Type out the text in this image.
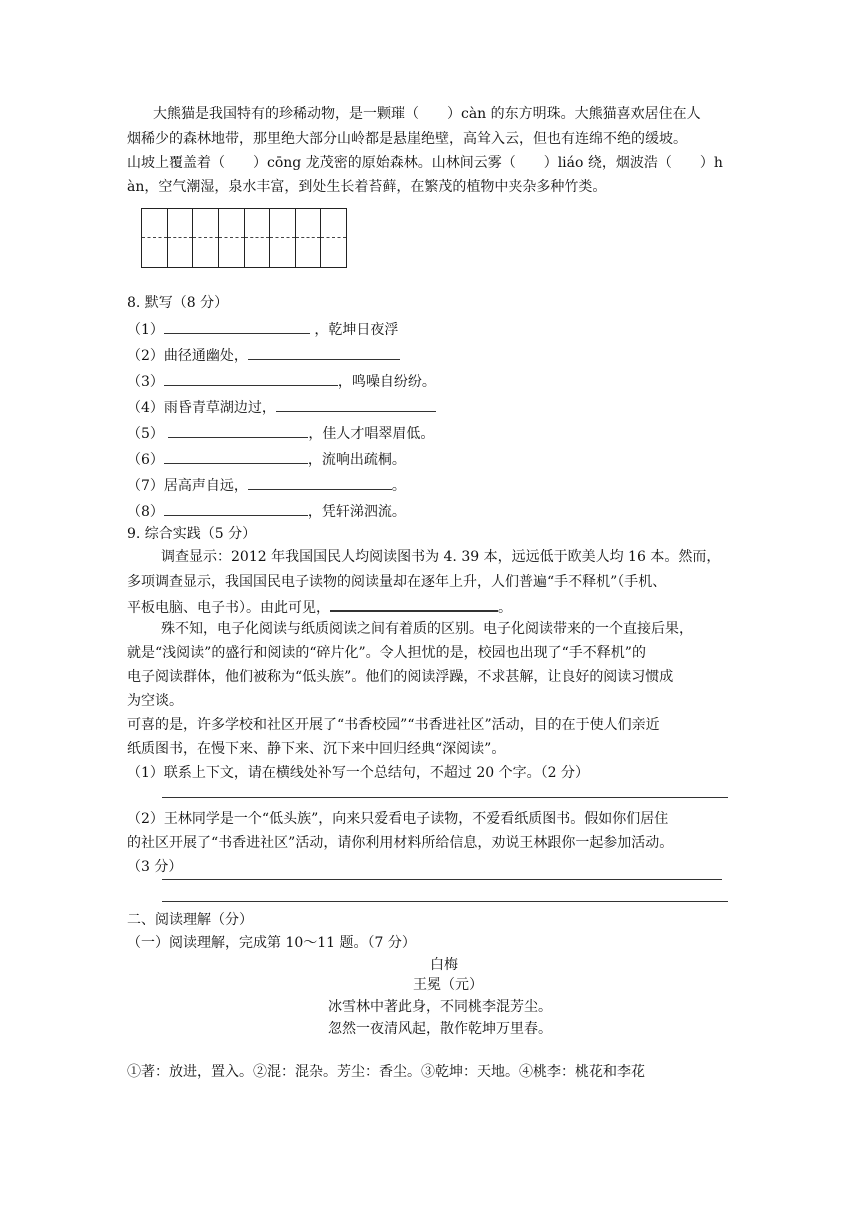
大熊猫是我国特有的珍稀动物，是一颗璀（　　）càn 的东方明珠。大熊猫喜欢居住在人
烟稀少的森林地带，那里绝大部分山岭都是悬崖绝壁，高耸入云，但也有连绵不绝的缓坡。
山坡上覆盖着（　　）cōng 龙茂密的原始森林。山林间云雾（　　）liáo 绕，烟波浩（　　）h
àn，空气潮湿，泉水丰富，到处生长着苔藓，在繁茂的植物中夹杂多种竹类。
8. 默写（8 分）
（1）	，乾坤日夜浮
（2）曲径通幽处，
（3）	，鸣噪自纷纷。
（4）雨昏青草湖边过，
（5）	，佳人才唱翠眉低。
（6）	，流响出疏桐。
（7）居高声自远，	。
（8）	，凭轩涕泗流。
9. 综合实践（5 分）
调查显示：2012 年我国国民人均阅读图书为 4. 39 本，远远低于欧美人均 16 本。然而，
多项调查显示，我国国民电子读物的阅读量却在逐年上升，人们普遍“手不释机”（手机、
平板电脑、电子书）。由此可见，	。
殊不知，电子化阅读与纸质阅读之间有着质的区别。电子化阅读带来的一个直接后果，
就是“浅阅读”的盛行和阅读的“碎片化”。令人担忧的是，校园也出现了“手不释机”的
电子阅读群体，他们被称为“低头族”。他们的阅读浮躁，不求甚解，让良好的阅读习惯成
为空谈。
可喜的是，许多学校和社区开展了“书香校园”“书香进社区”活动，目的在于使人们亲近
纸质图书，在慢下来、静下来、沉下来中回归经典“深阅读”。
（1）联系上下文，请在横线处补写一个总结句，不超过 20 个字。（2 分）
（2）王林同学是一个“低头族”，向来只爱看电子读物，不爱看纸质图书。假如你们居住
的社区开展了“书香进社区”活动，请你利用材料所给信息，劝说王林跟你一起参加活动。
（3 分）
二、阅读理解（分）
（一）阅读理解，完成第 10～11 题。（7 分）
白梅
王冕（元）
冰雪林中著此身，不同桃李混芳尘。
忽然一夜清风起，散作乾坤万里春。
①著：放进，置入。②混：混杂。芳尘：香尘。③乾坤：天地。④桃李：桃花和李花
